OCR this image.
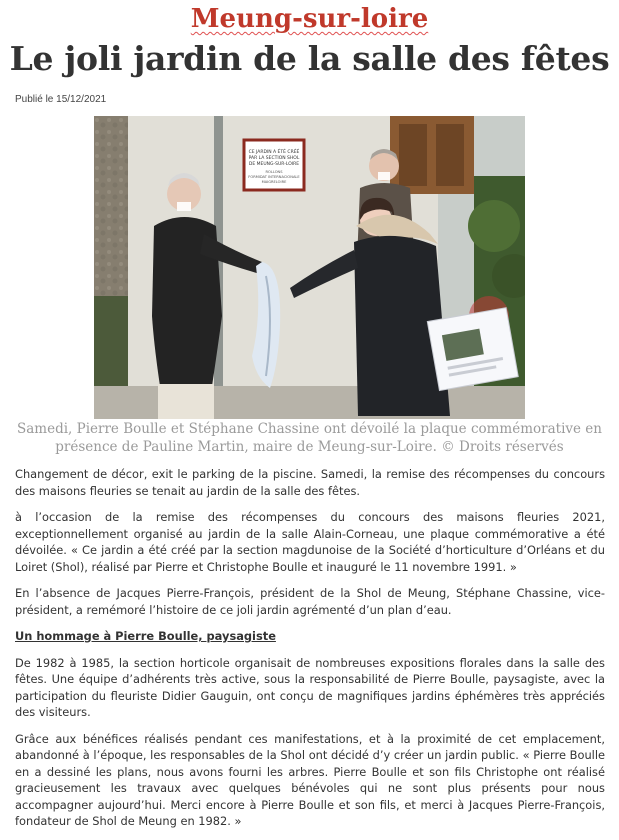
Meung-sur-loire
Le joli jardin de la salle des fêtes
Publié le 15/12/2021
CE JARDIN A ÉTÉ CRÉÉ
PAR LA SECTION SHOL
DE MEUNG-SUR-LOIRE
ROLLONS
FORMIDAT INTERNACIONALE
MAIGRELOIRE
Samedi, Pierre Boulle et Stéphane Chassine ont dévoilé la plaque commémorative en présence de Pauline Martin, maire de Meung-sur-Loire. © Droits réservés

Changement de décor, exit le parking de la piscine. Samedi, la remise des récompenses du concours des maisons fleuries se tenait au jardin de la salle des fêtes.

à l’occasion de la remise des récompenses du concours des maisons fleuries 2021, exceptionnellement organisé au jardin de la salle Alain-Corneau, une plaque commémorative a été dévoilée. « Ce jardin a été créé par la section magdunoise de la Société d’horticulture d’Orléans et du Loiret (Shol), réalisé par Pierre et Christophe Boulle et inauguré le 11 novembre 1991. »

En l’absence de Jacques Pierre-François, président de la Shol de Meung, Stéphane Chassine, vice-président, a remémoré l’histoire de ce joli jardin agrémenté d’un plan d’eau.

Un hommage à Pierre Boulle, paysagiste

De 1982 à 1985, la section horticole organisait de nombreuses expositions florales dans la salle des fêtes. Une équipe d’adhérents très active, sous la responsabilité de Pierre Boulle, paysagiste, avec la participation du fleuriste Didier Gauguin, ont conçu de magnifiques jardins éphémères très appréciés des visiteurs.

Grâce aux bénéfices réalisés pendant ces manifestations, et à la proximité de cet emplacement, abandonné à l’époque, les responsables de la Shol ont décidé d’y créer un jardin public. « Pierre Boulle en a dessiné les plans, nous avons fourni les arbres. Pierre Boulle et son fils Christophe ont réalisé gracieusement les travaux avec quelques bénévoles qui ne sont plus présents pour nous accompagner aujourd’hui. Merci encore à Pierre Boulle et son fils, et merci à Jacques Pierre-François, fondateur de Shol de Meung en 1982. »
